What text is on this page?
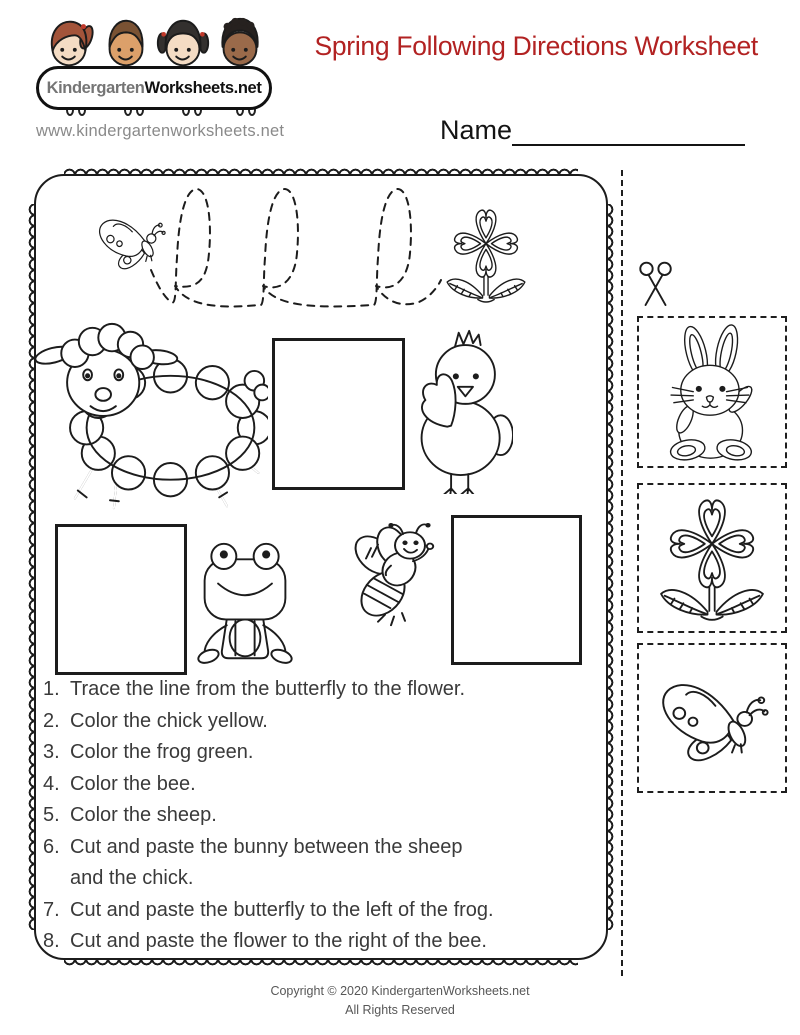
Kindergarten Worksheets.net
www.kindergartenworksheets.net
Spring Following Directions Worksheet
Name
1. Trace the line from the butterfly to the flower.
2. Color the chick yellow.
3. Color the frog green.
4. Color the bee.
5. Color the sheep.
6. Cut and paste the bunny between the sheep
and the chick.
7. Cut and paste the butterfly to the left of the frog.
8. Cut and paste the flower to the right of the bee.
Copyright © 2020 KindergartenWorksheets.net
All Rights Reserved
